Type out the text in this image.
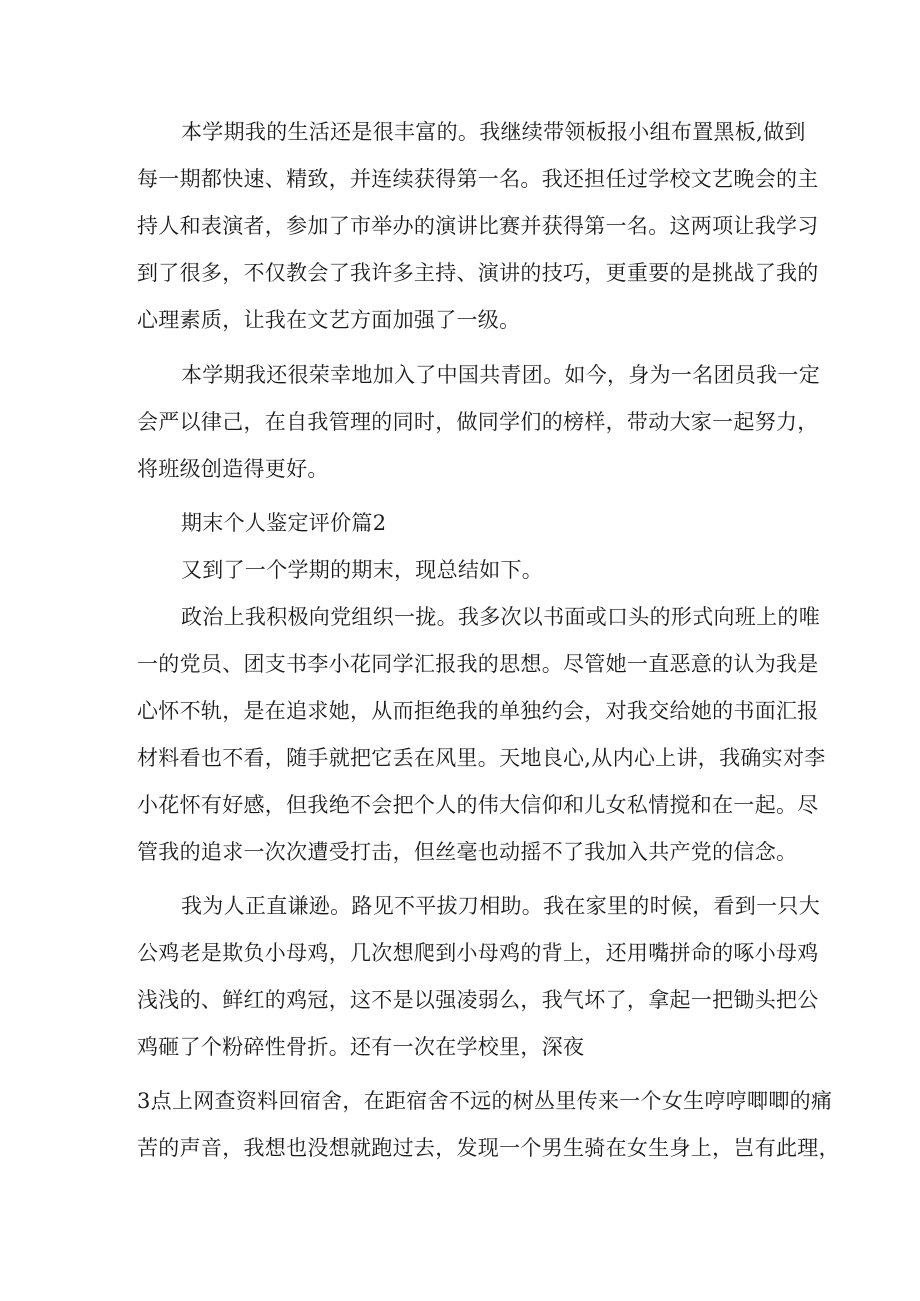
本学期我的生活还是很丰富的。我继续带领板报小组布置黑板,做到
每一期都快速、精致，并连续获得第一名。我还担任过学校文艺晚会的主
持人和表演者，参加了市举办的演讲比赛并获得第一名。这两项让我学习
到了很多，不仅教会了我许多主持、演讲的技巧，更重要的是挑战了我的
心理素质，让我在文艺方面加强了一级。
本学期我还很荣幸地加入了中国共青团。如今，身为一名团员我一定
会严以律己，在自我管理的同时，做同学们的榜样，带动大家一起努力，
将班级创造得更好。
期末个人鉴定评价篇2
又到了一个学期的期末，现总结如下。
政治上我积极向党组织一拢。我多次以书面或口头的形式向班上的唯
一的党员、团支书李小花同学汇报我的思想。尽管她一直恶意的认为我是
心怀不轨，是在追求她，从而拒绝我的单独约会，对我交给她的书面汇报
材料看也不看，随手就把它丢在风里。天地良心,从内心上讲，我确实对李
小花怀有好感，但我绝不会把个人的伟大信仰和儿女私情搅和在一起。尽
管我的追求一次次遭受打击，但丝毫也动摇不了我加入共产党的信念。
我为人正直谦逊。路见不平拔刀相助。我在家里的时候，看到一只大
公鸡老是欺负小母鸡，几次想爬到小母鸡的背上，还用嘴拼命的啄小母鸡
浅浅的、鲜红的鸡冠，这不是以强凌弱么，我气坏了，拿起一把锄头把公
鸡砸了个粉碎性骨折。还有一次在学校里，深夜
3点上网查资料回宿舍，在距宿舍不远的树丛里传来一个女生哼哼唧唧的痛
苦的声音，我想也没想就跑过去，发现一个男生骑在女生身上，岂有此理，
